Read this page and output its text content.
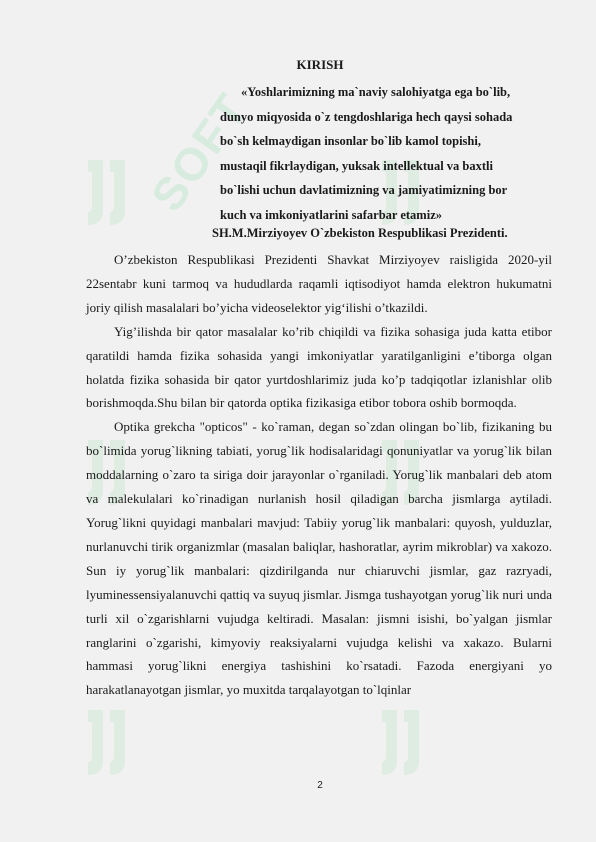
SOFT
KIRISH
«Yoshlarimizning ma`naviy salohiyatga ega bo`lib,
dunyo miqyosida o`z tengdoshlariga hech qaysi sohada
bo`sh kelmaydigan insonlar bo`lib kamol topishi,
mustaqil fikrlaydigan, yuksak intellektual va baxtli
bo`lishi uchun davlatimizning va jamiyatimizning bor
kuch va imkoniyatlarini safarbar etamiz»
SH.M.Mirziyoyev O`zbekiston Respublikasi Prezidenti.

O’zbekiston Respublikasi Prezidenti Shavkat Mirziyoyev raisligida 2020-yil 22sentabr kuni tarmoq va hududlarda raqamli iqtisodiyot hamda elektron hukumatni joriy qilish masalalari bo’yicha videoselektor yig‘ilishi o’tkazildi.

Yig’ilishda bir qator masalalar ko’rib chiqildi va fizika sohasiga juda katta etibor qaratildi hamda fizika sohasida yangi imkoniyatlar yaratilganligini e’tiborga olgan holatda fizika sohasida bir qator yurtdoshlarimiz juda ko’p tadqiqotlar izlanishlar olib borishmoqda.Shu bilan bir qatorda optika fizikasiga etibor tobora oshib bormoqda.

Optika grekcha "opticos" - ko`raman, degan so`zdan olingan bo`lib, fizikaning bu bo`limida yorug`likning tabiati, yorug`lik hodisalaridagi qonuniyatlar va yorug`lik bilan moddalarning o`zaro ta siriga doir jarayonlar o`rganiladi. Yorug`lik manbalari deb atom va malekulalari ko`rinadigan nurlanish hosil qiladigan barcha jismlarga aytiladi. Yorug`likni quyidagi manbalari mavjud: Tabiiy yorug`lik manbalari: quyosh, yulduzlar, nurlanuvchi tirik organizmlar (masalan baliqlar, hashoratlar, ayrim mikroblar) va xakozo. Sun iy yorug`lik manbalari: qizdirilganda nur chiaruvchi jismlar, gaz razryadi, lyuminessensiyalanuvchi qattiq va suyuq jismlar. Jismga tushayotgan yorug`lik nuri unda turli xil o`zgarishlarni vujudga keltiradi. Masalan: jismni isishi, bo`yalgan jismlar ranglarini o`zgarishi, kimyoviy reaksiyalarni vujudga kelishi va xakazo. Bularni hammasi yorug`likni energiya tashishini ko`rsatadi. Fazoda energiyani yo harakatlanayotgan jismlar, yo muxitda tarqalayotgan to`lqinlar

2
